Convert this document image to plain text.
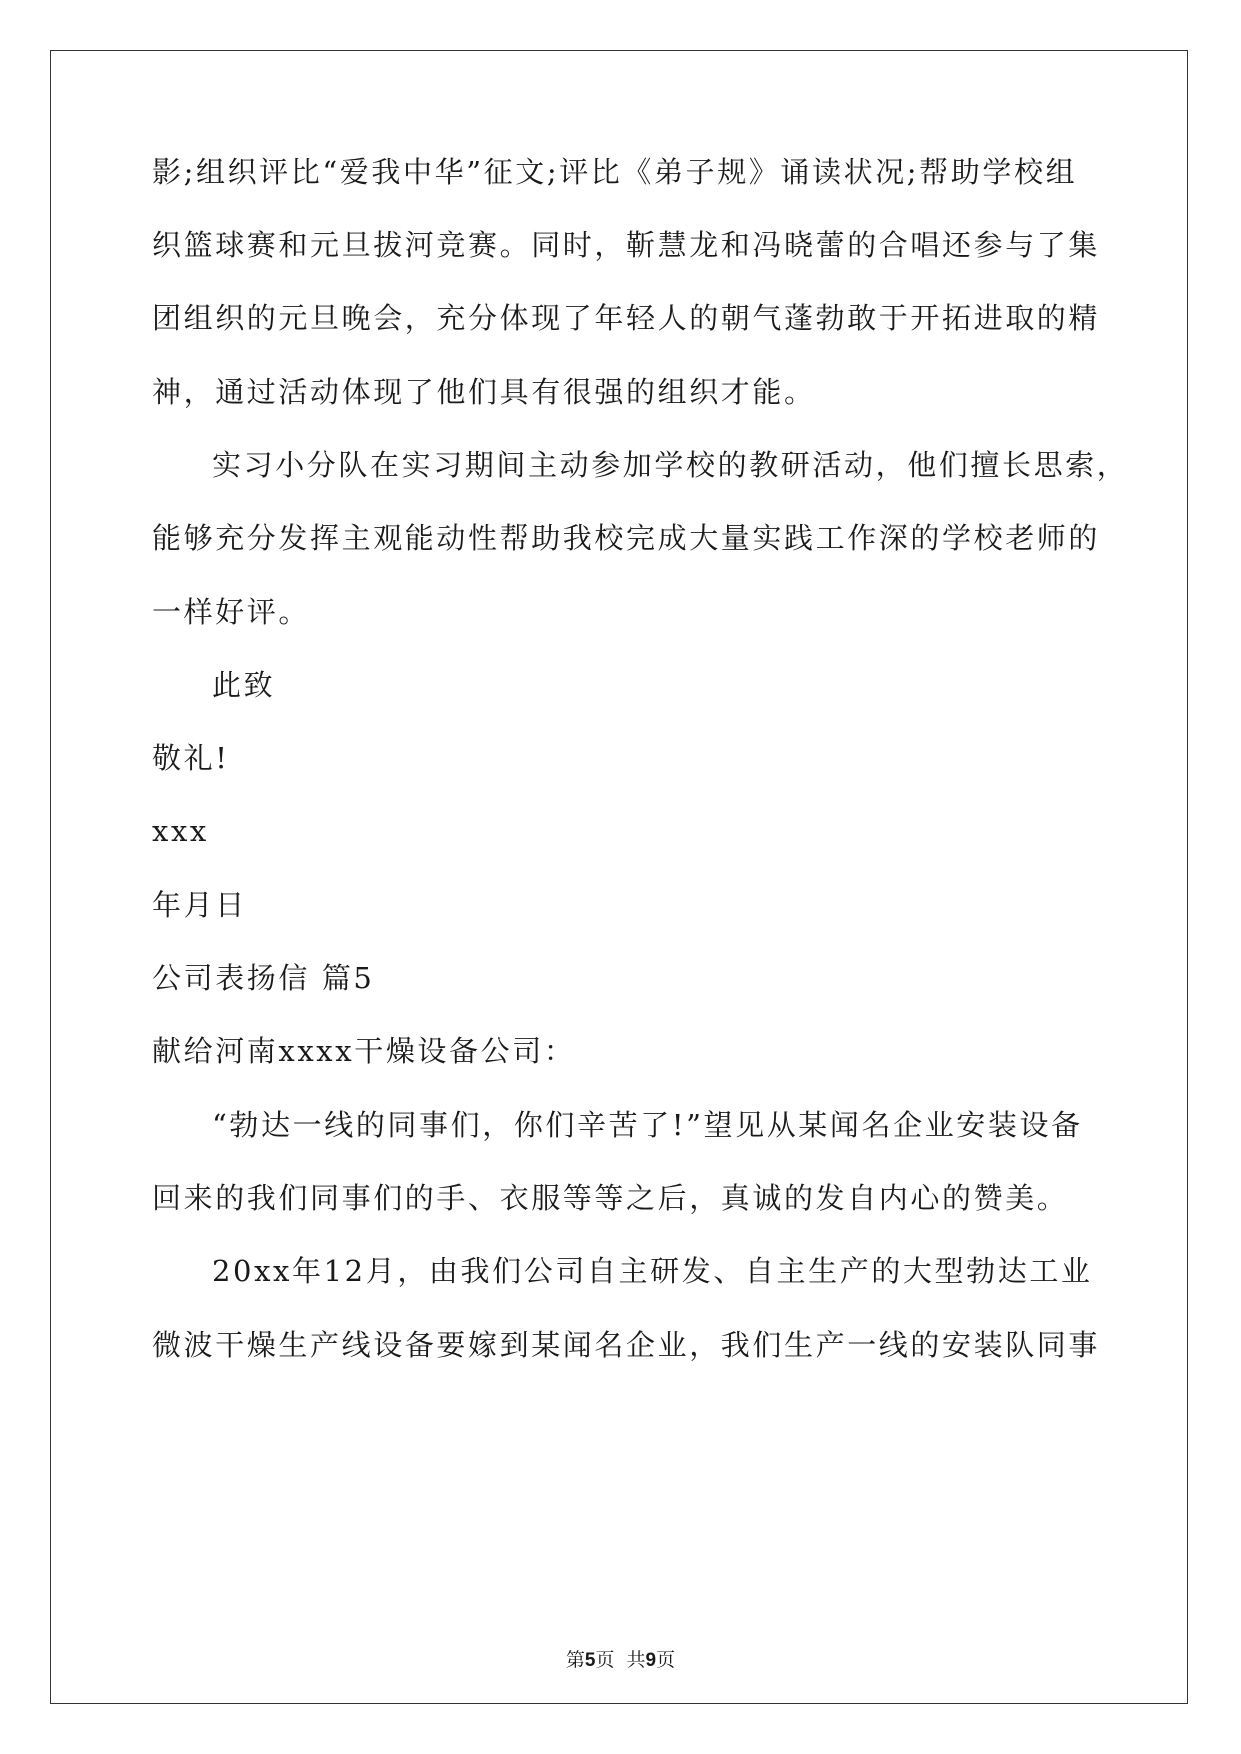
影;组织评比“爱我中华”征文;评比《弟子规》诵读状况;帮助学校组
织篮球赛和元旦拔河竞赛。同时，靳慧龙和冯晓蕾的合唱还参与了集
团组织的元旦晚会，充分体现了年轻人的朝气蓬勃敢于开拓进取的精
神，通过活动体现了他们具有很强的组织才能。
实习小分队在实习期间主动参加学校的教研活动，他们擅长思索，
能够充分发挥主观能动性帮助我校完成大量实践工作深的学校老师的
一样好评。
此致
敬礼!
xxx
年月日
公司表扬信 篇5
献给河南xxxx干燥设备公司：
“勃达一线的同事们，你们辛苦了!”望见从某闻名企业安装设备
回来的我们同事们的手、衣服等等之后，真诚的发自内心的赞美。
20xx年12月，由我们公司自主研发、自主生产的大型勃达工业
微波干燥生产线设备要嫁到某闻名企业，我们生产一线的安装队同事
第5页  共9页
